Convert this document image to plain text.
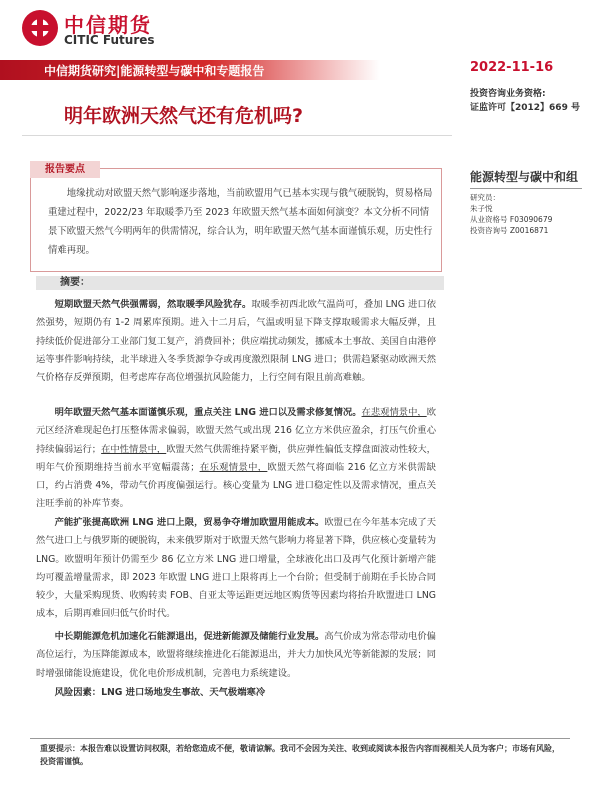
中信期货
CITIC Futures
中信期货研究|能源转型与碳中和专题报告	2022-11-16
投资咨询业务资格:
证监许可【2012】669 号
明年欧洲天然气还有危机吗?
报告要点
地缘扰动对欧盟天然气影响逐步落地，当前欧盟用气已基本实现与俄气硬脱钩，贸易格局重建过程中，2022/23 年取暖季乃至 2023 年欧盟天然气基本面如何演变？本文分析不同情景下欧盟天然气今明两年的供需情况，综合认为，明年欧盟天然气基本面谨慎乐观，历史性行情难再现。
能源转型与碳中和组
研究员：
朱子悦
从业资格号 F03090679
投资咨询号 Z0016871
摘要：
短期欧盟天然气供强需弱，然取暖季风险犹存。取暖季初西北欧气温尚可，叠加 LNG 进口依然强势，短期仍有 1-2 周累库预期。进入十二月后，气温或明显下降支撑取暖需求大幅反弹，且持续低价促进部分工业部门复工复产，消费回补；供应端扰动频发，挪威本土事故、美国自由港停运等事件影响持续，北半球进入冬季货源争夺或再度激烈限制 LNG 进口；供需趋紧驱动欧洲天然气价格存反弹预期，但考虑库存高位增强抗风险能力，上行空间有限且前高难触。
明年欧盟天然气基本面谨慎乐观，重点关注 LNG 进口以及需求修复情况。在悲观情景中，欧元区经济难现起色打压整体需求偏弱，欧盟天然气或出现 216 亿立方米供应盈余，打压气价重心持续偏弱运行；在中性情景中，欧盟天然气供需维持紧平衡，供应弹性偏低支撑盘面波动性较大，明年气价预期维持当前水平宽幅震荡；在乐观情景中，欧盟天然气将面临 216 亿立方米供需缺口，约占消费 4%，带动气价再度偏强运行。核心变量为 LNG 进口稳定性以及需求情况，重点关注旺季前的补库节奏。
产能扩张提高欧洲 LNG 进口上限，贸易争夺增加欧盟用能成本。欧盟已在今年基本完成了天然气进口上与俄罗斯的硬脱钩，未来俄罗斯对于欧盟天然气影响力将显著下降，供应核心变量转为 LNG。欧盟明年预计仍需至少 86 亿立方米 LNG 进口增量，全球液化出口及再气化预计新增产能均可覆盖增量需求，即 2023 年欧盟 LNG 进口上限将再上一个台阶；但受制于前期在手长协合同较少，大量采购现货、收购转卖 FOB、自亚太等运距更远地区购货等因素均将抬升欧盟进口 LNG 成本，后期再难回归低气价时代。
中长期能源危机加速化石能源退出，促进新能源及储能行业发展。高气价成为常态带动电价偏高位运行，为压降能源成本，欧盟将继续推进化石能源退出，并大力加快风光等新能源的发展；同时增强储能设施建设，优化电价形成机制，完善电力系统建设。
风险因素：LNG 进口场地发生事故、天气极端寒冷
重要提示：本报告难以设置访问权限，若给您造成不便，敬请谅解。我司不会因为关注、收到或阅读本报告内容而视相关人员为客户；市场有风险，投资需谨慎。
